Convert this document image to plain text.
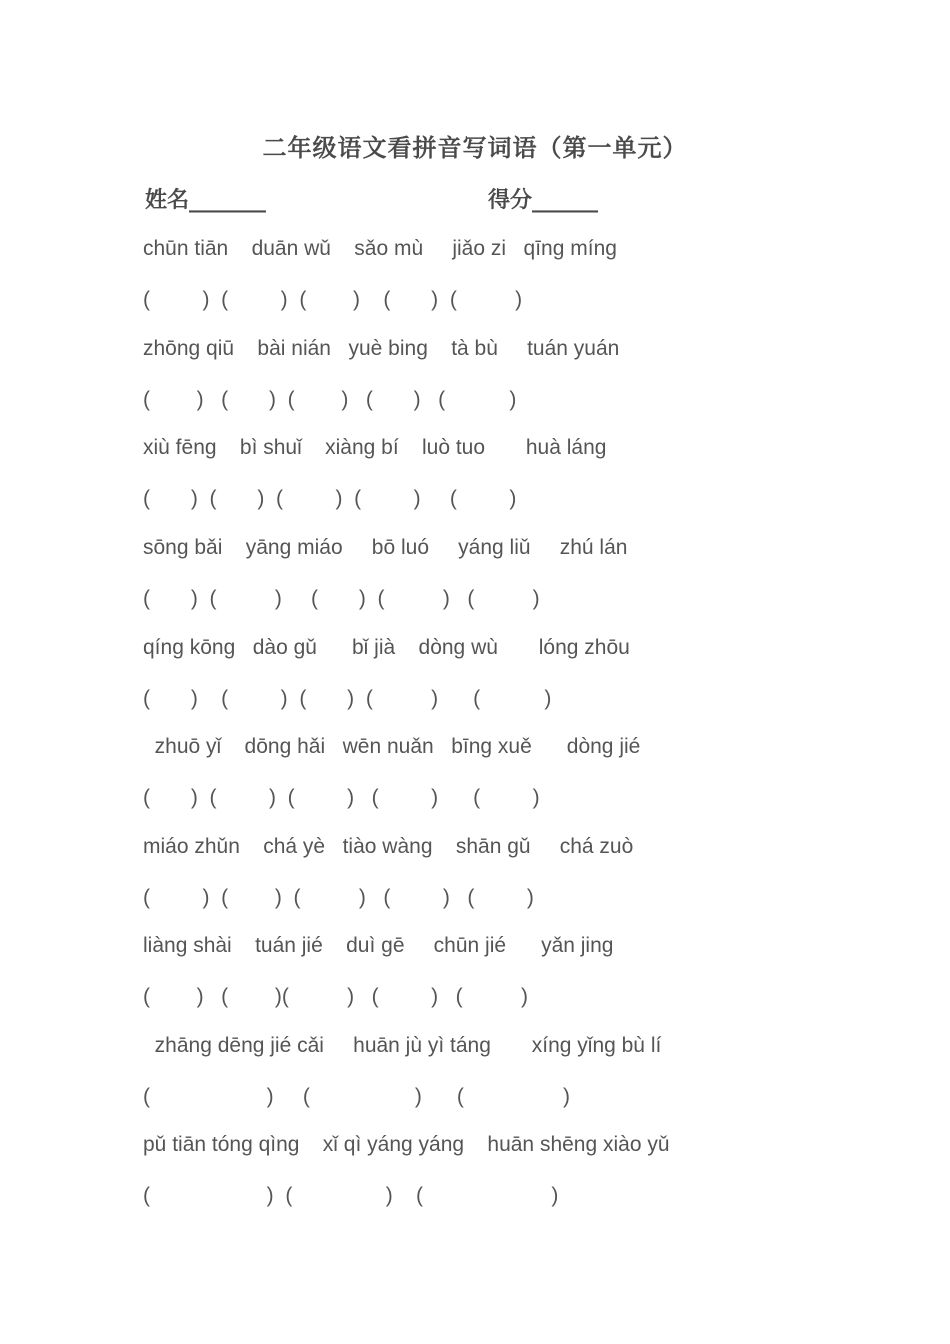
二年级语文看拼音写词语（第一单元）
姓名_______	得分______
chūn tiān    duān wǔ    sǎo mù     jiǎo zi   qīng míng
(         )  (         )  (        )    (       )  (          )
zhōng qiū    bài nián   yuè bing    tà bù     tuán yuán
(        )   (       )  (        )   (       )   (           )
xiù fēng    bì shuǐ    xiàng bí    luò tuo       huà láng
(       )  (       )  (         )  (         )     (         )
sōng bǎi    yāng miáo     bō luó     yáng liǔ     zhú lán
(       )  (          )     (       )  (          )   (          )
qíng kōng   dào gǔ      bǐ jià    dòng wù       lóng zhōu
(       )    (         )  (       )  (          )      (           )
zhuō yǐ    dōng hǎi   wēn nuǎn   bīng xuě      dòng jié
(       )  (         )  (         )   (         )      (         )
miáo zhǔn    chá yè   tiào wàng    shān gǔ     chá zuò
(         )  (        )  (          )   (         )   (         )
liàng shài    tuán jié    duì gē     chūn jié      yǎn jing
(        )   (        )(          )   (         )   (          )
zhāng dēng jié cǎi     huān jù yì táng       xíng yǐng bù lí
(                    )     (                  )      (                 )
pǔ tiān tóng qìng    xǐ qì yáng yáng    huān shēng xiào yǔ
(                    )  (                )    (                      )
